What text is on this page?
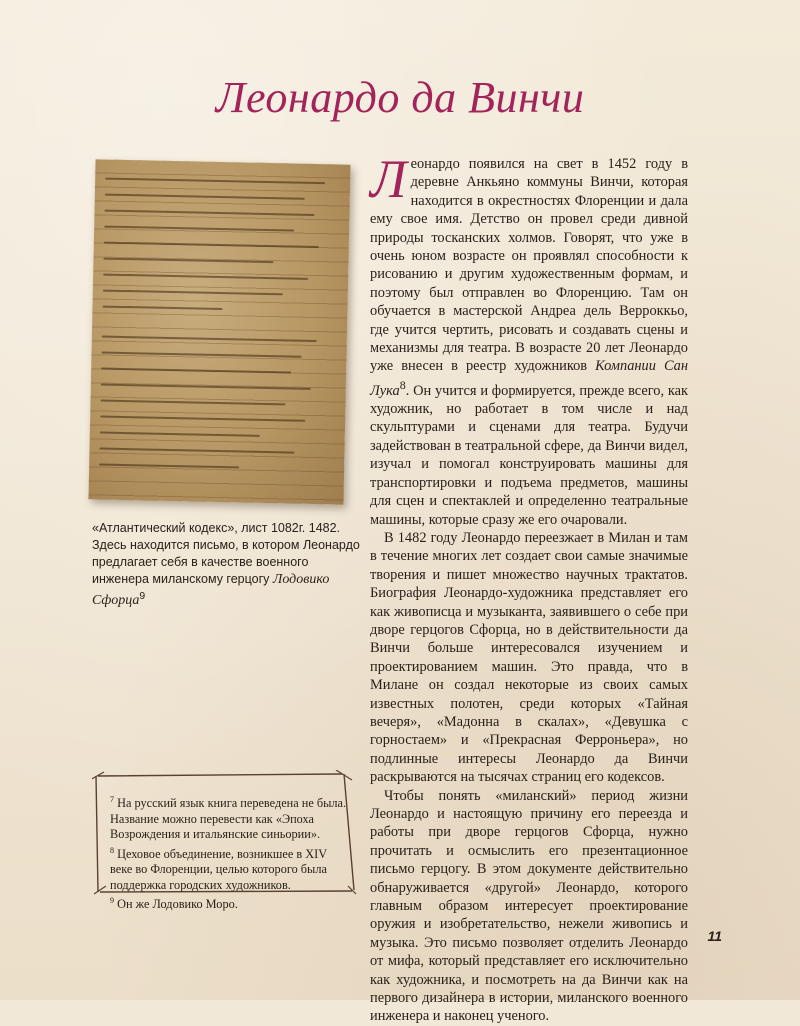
Леонардо да Винчи
«Атлантический кодекс», лист 1082г. 1482. Здесь находится письмо, в котором Леонардо предлагает себя в качестве военного инженера миланскому герцогу Лодовико Сфорца$^9$

Леонардо появился на свет в 1452 году в деревне Анкьяно коммуны Винчи, которая находится в окрестностях Флоренции и дала ему свое имя. Детство он провел среди дивной природы тосканских холмов. Говорят, что уже в очень юном возрасте он проявлял способности к рисованию и другим художественным формам, и поэтому был отправлен во Флоренцию. Там он обучается в мастерской Андреа дель Верроккьо, где учится чертить, рисовать и создавать сцены и механизмы для театра. В возрасте 20 лет Леонардо уже внесен в реестр художников Компании Сан Лука$^8$. Он учится и формируется, прежде всего, как художник, но работает в том числе и над скульптурами и сценами для театра. Будучи задействован в театральной сфере, да Винчи видел, изучал и помогал конструировать машины для транспортировки и подъема предметов, машины для сцен и спектаклей и определенно театральные машины, которые сразу же его очаровали.

В 1482 году Леонардо переезжает в Милан и там в течение многих лет создает свои самые значимые творения и пишет множество научных трактатов. Биография Леонардо-художника представляет его как живописца и музыканта, заявившего о себе при дворе герцогов Сфорца, но в действительности да Винчи больше интересовался изучением и проектированием машин. Это правда, что в Милане он создал некоторые из своих самых известных полотен, среди которых «Тайная вечеря», «Мадонна в скалах», «Девушка с горностаем» и «Прекрасная Ферроньера», но подлинные интересы Леонардо да Винчи раскрываются на тысячах страниц его кодексов.

Чтобы понять «миланский» период жизни Леонардо и настоящую причину его переезда и работы при дворе герцогов Сфорца, нужно прочитать и осмыслить его презентационное письмо герцогу. В этом документе действительно обнаруживается «другой» Леонардо, которого главным образом интересует проектирование оружия и изобретательство, нежели живопись и музыка. Это письмо позволяет отделить Леонардо от мифа, который представляет его исключительно как художника, и посмотреть на да Винчи как на первого дизайнера в истории, миланского военного инженера и наконец ученого.

$^7$ На русский язык книга переведена не была. Название можно перевести как «Эпоха Возрождения и итальянские синьории».
$^8$ Цеховое объединение, возникшее в XIV веке во Флоренции, целью которого была поддержка городских художников.
$^9$ Он же Лодовико Моро.
11
